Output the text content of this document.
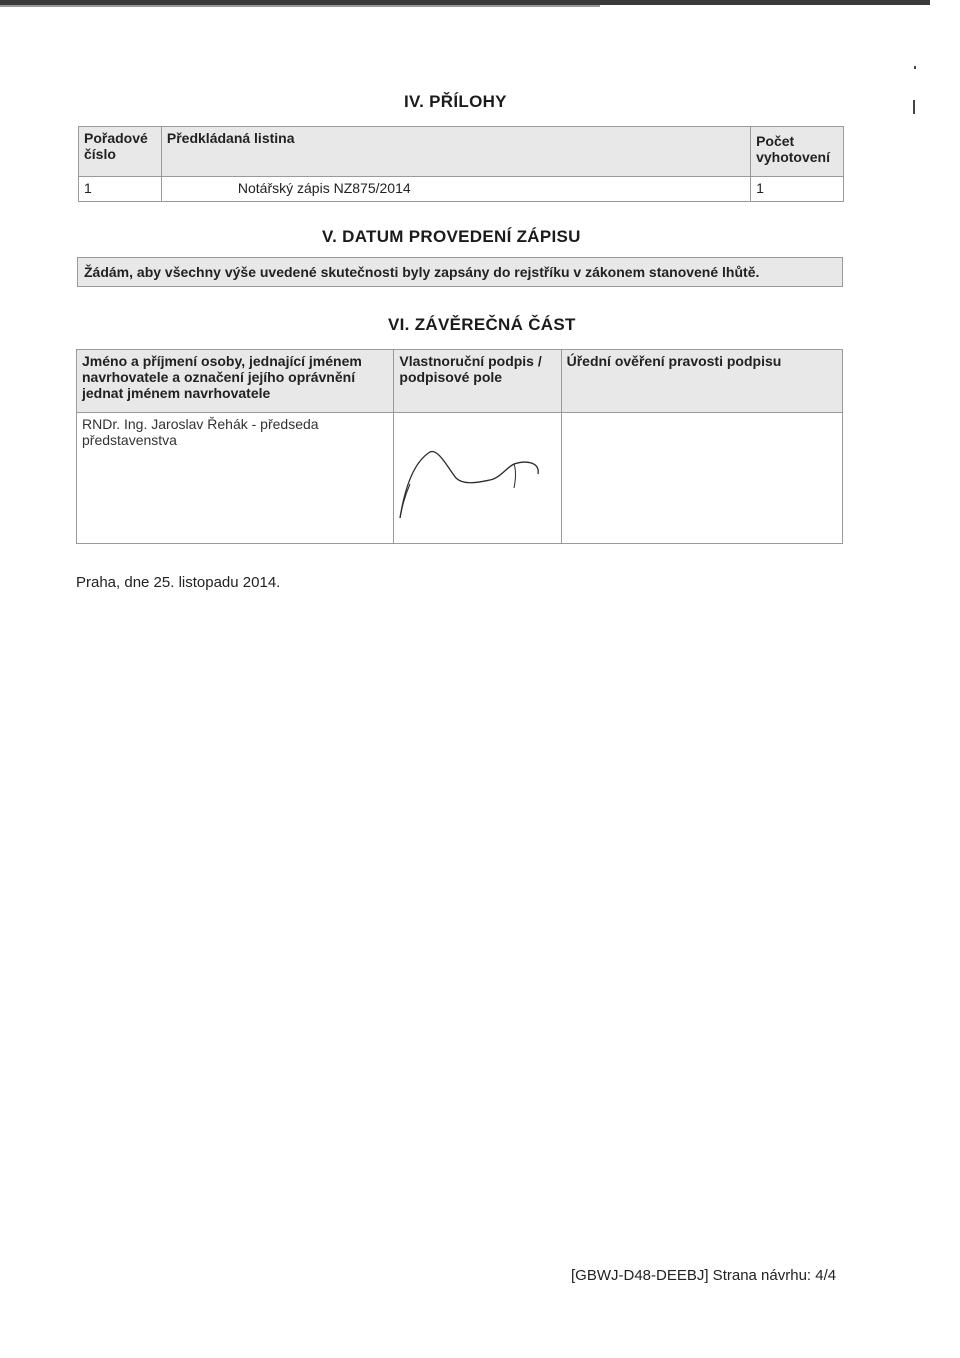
IV. PŘÍLOHY
Pořadové číslo	Předkládaná listina	Počet vyhotovení
1	Notářský zápis NZ875/2014	1
V. DATUM PROVEDENÍ ZÁPISU
Žádám, aby všechny výše uvedené skutečnosti byly zapsány do rejstříku v zákonem stanovené lhůtě.
VI. ZÁVĚREČNÁ ČÁST
Jméno a příjmení osoby, jednající jménem navrhovatele a označení jejího oprávnění jednat jménem navrhovatele	Vlastnoruční podpis / podpisové pole	Úřední ověření pravosti podpisu
RNDr. Ing. Jaroslav Řehák - předseda představenstva		
Praha, dne 25. listopadu 2014.
[GBWJ-D48-DEEBJ] Strana návrhu: 4/4
